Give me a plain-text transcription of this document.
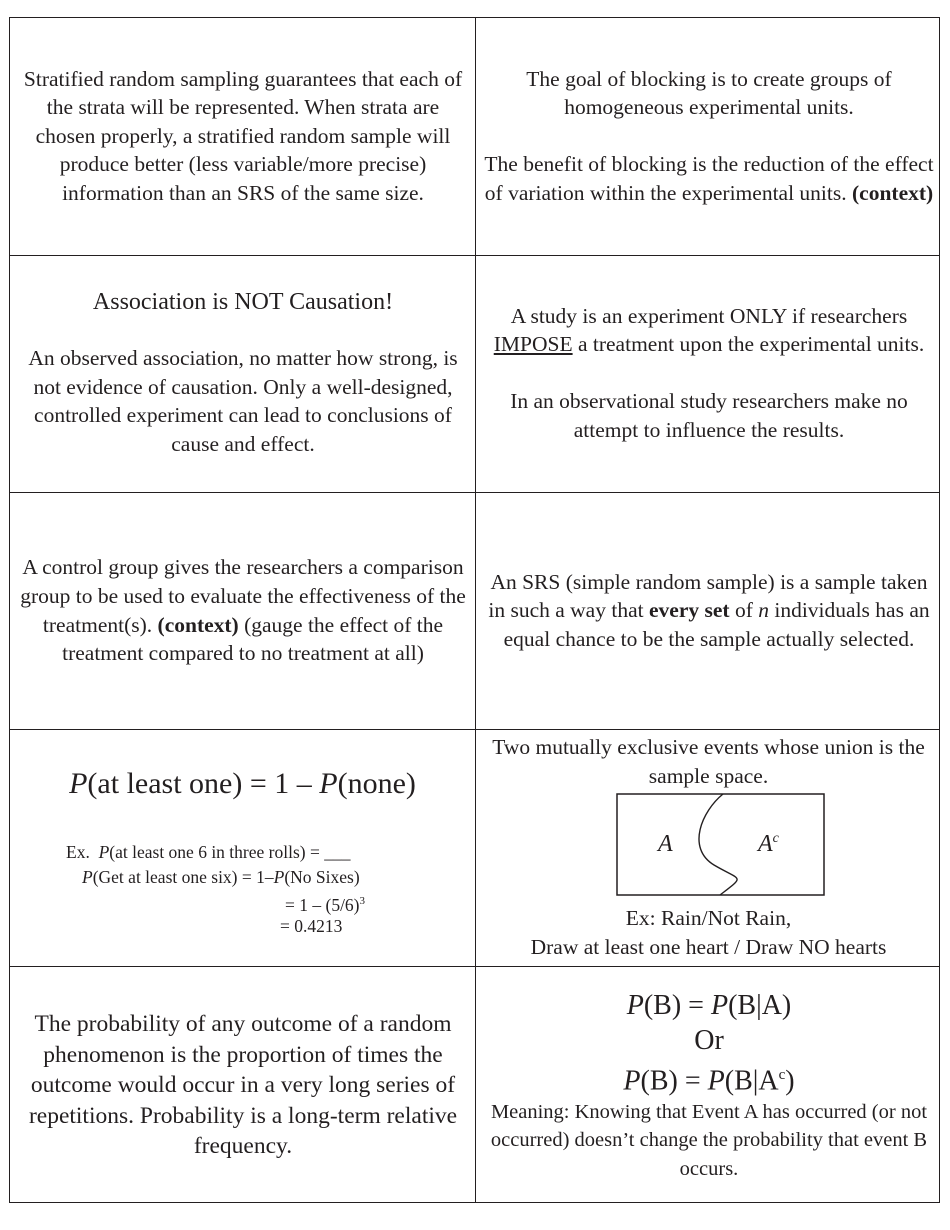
Stratified random sampling guarantees that each of the strata will be represented. When strata are chosen properly, a stratified random sample will produce better (less variable/more precise) information than an SRS of the same size.

The goal of blocking is to create groups of homogeneous experimental units.

The benefit of blocking is the reduction of the effect of variation within the experimental units. (context)

Association is NOT Causation!

An observed association, no matter how strong, is not evidence of causation. Only a well-designed, controlled experiment can lead to conclusions of cause and effect.

A study is an experiment ONLY if researchers IMPOSE a treatment upon the experimental units.

In an observational study researchers make no attempt to influence the results.

A control group gives the researchers a comparison group to be used to evaluate the effectiveness of the treatment(s). (context) (gauge the effect of the treatment compared to no treatment at all)

An SRS (simple random sample) is a sample taken in such a way that every set of n individuals has an equal chance to be the sample actually selected.

P(at least one) = 1 – P(none)
Ex. P(at least one 6 in three rolls) = ___
P(Get at least one six) = 1–P(No Sixes)
= $1 - (5/6)^3$
= 0.4213

Two mutually exclusive events whose union is the sample space.

A	$A^c$

Ex: Rain/Not Rain,
Draw at least one heart / Draw NO hearts

The probability of any outcome of a random phenomenon is the proportion of times the outcome would occur in a very long series of repetitions. Probability is a long-term relative frequency.

P(B) = P(B|A)
Or
$P(B) = P(B|A^c)$

Meaning: Knowing that Event A has occurred (or not occurred) doesn’t change the probability that event B occurs.
